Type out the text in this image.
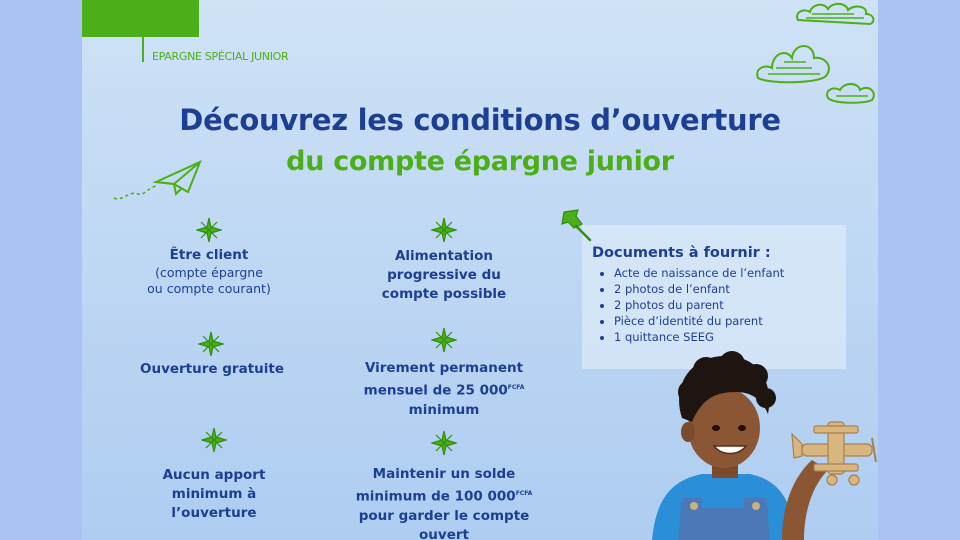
EPARGNE SPÉCIAL JUNIOR
Découvrez les conditions d’ouverture
du compte épargne junior
Être client
(compte épargne
ou compte courant)
Alimentation
progressive du
compte possible
Ouverture gratuite	Virement permanent
mensuel de 25 $000^{FCFA}$
minimum
Aucun apport
minimum à
l’ouverture
Maintenir un solde
minimum de 100 $000^{FCFA}$
pour garder le compte
ouvert
Documents à fournir :
• Acte de naissance de l’enfant
• 2 photos de l’enfant
• 2 photos du parent
• Pièce d’identité du parent
• 1 quittance SEEG
